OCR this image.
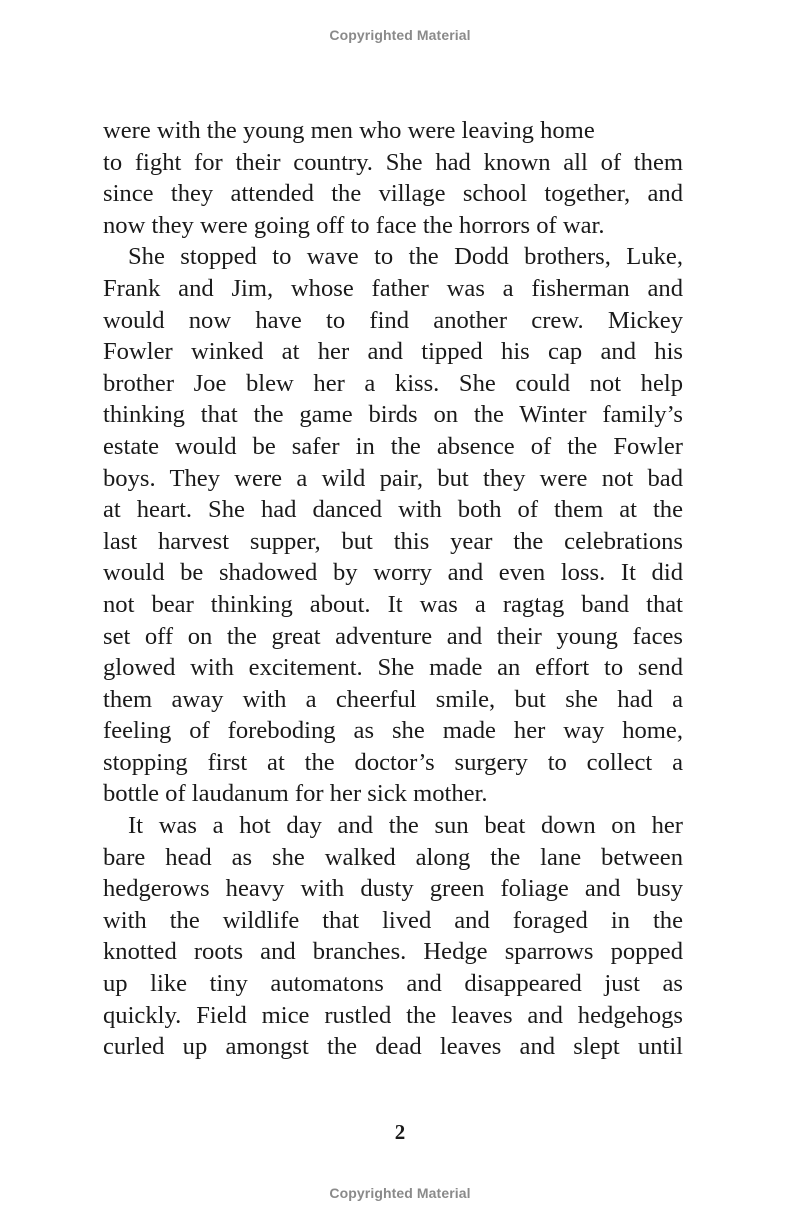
Copyrighted Material
were with the young men who were leaving home
to fight for their country. She had known all of them
since they attended the village school together, and
now they were going off to face the horrors of war.
She stopped to wave to the Dodd brothers, Luke,
Frank and Jim, whose father was a fisherman and
would now have to find another crew. Mickey
Fowler winked at her and tipped his cap and his
brother Joe blew her a kiss. She could not help
thinking that the game birds on the Winter family’s
estate would be safer in the absence of the Fowler
boys. They were a wild pair, but they were not bad
at heart. She had danced with both of them at the
last harvest supper, but this year the celebrations
would be shadowed by worry and even loss. It did
not bear thinking about. It was a ragtag band that
set off on the great adventure and their young faces
glowed with excitement. She made an effort to send
them away with a cheerful smile, but she had a
feeling of foreboding as she made her way home,
stopping first at the doctor’s surgery to collect a
bottle of laudanum for her sick mother.
It was a hot day and the sun beat down on her
bare head as she walked along the lane between
hedgerows heavy with dusty green foliage and busy
with the wildlife that lived and foraged in the
knotted roots and branches. Hedge sparrows popped
up like tiny automatons and disappeared just as
quickly. Field mice rustled the leaves and hedgehogs
curled up amongst the dead leaves and slept until
2
Copyrighted Material
